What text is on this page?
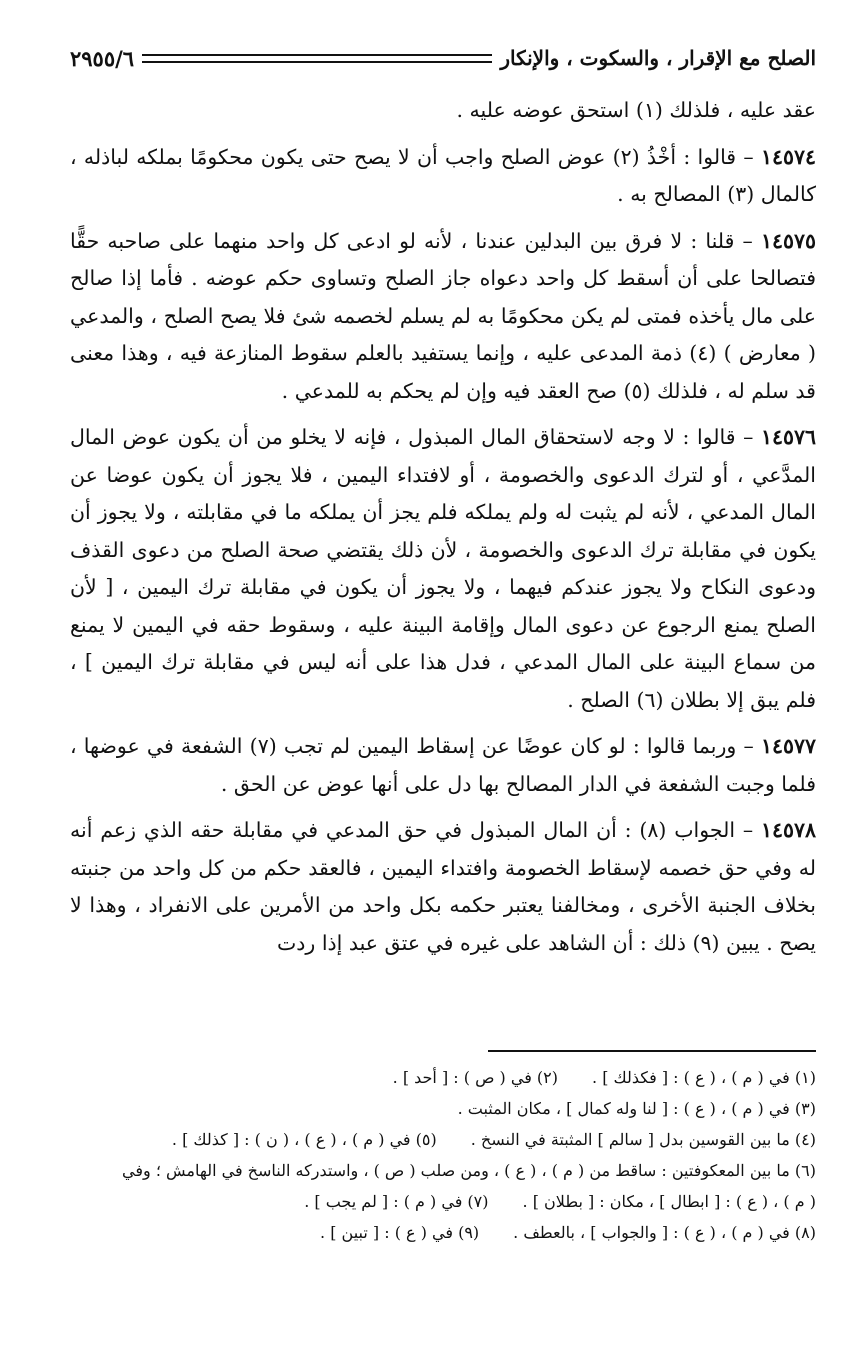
الصلح مع الإقرار ، والسكوت ، والإنكار
٢٩٥٥/٦

عقد عليه ، فلذلك (١) استحق عوضه عليه .

١٤٥٧٤ – قالوا : أخْذُ (٢) عوض الصلح واجب أن لا يصح حتى يكون محكومًا بملكه لباذله ، كالمال (٣) المصالح به .

١٤٥٧٥ – قلنا : لا فرق بين البدلين عندنا ، لأنه لو ادعى كل واحد منهما على صاحبه حقًّا فتصالحا على أن أسقط كل واحد دعواه جاز الصلح وتساوى حكم عوضه . فأما إذا صالح على مال يأخذه فمتى لم يكن محكومًا به لم يسلم لخصمه شئ فلا يصح الصلح ، والمدعي ( معارض ) (٤) ذمة المدعى عليه ، وإنما يستفيد بالعلم سقوط المنازعة فيه ، وهذا معنى قد سلم له ، فلذلك (٥) صح العقد فيه وإن لم يحكم به للمدعي .

١٤٥٧٦ – قالوا : لا وجه لاستحقاق المال المبذول ، فإنه لا يخلو من أن يكون عوض المال المدَّعي ، أو لترك الدعوى والخصومة ، أو لافتداء اليمين ، فلا يجوز أن يكون عوضا عن المال المدعي ، لأنه لم يثبت له ولم يملكه فلم يجز أن يملكه ما في مقابلته ، ولا يجوز أن يكون في مقابلة ترك الدعوى والخصومة ، لأن ذلك يقتضي صحة الصلح من دعوى القذف ودعوى النكاح ولا يجوز عندكم فيهما ، ولا يجوز أن يكون في مقابلة ترك اليمين ، [ لأن الصلح يمنع الرجوع عن دعوى المال وإقامة البينة عليه ، وسقوط حقه في اليمين لا يمنع من سماع البينة على المال المدعي ، فدل هذا على أنه ليس في مقابلة ترك اليمين ] ، فلم يبق إلا بطلان (٦) الصلح .

١٤٥٧٧ – وربما قالوا : لو كان عوضًا عن إسقاط اليمين لم تجب (٧) الشفعة في عوضها ، فلما وجبت الشفعة في الدار المصالح بها دل على أنها عوض عن الحق .

١٤٥٧٨ – الجواب (٨) : أن المال المبذول في حق المدعي في مقابلة حقه الذي زعم أنه له وفي حق خصمه لإسقاط الخصومة وافتداء اليمين ، فالعقد حكم من كل واحد من جنبته بخلاف الجنبة الأخرى ، ومخالفنا يعتبر حكمه بكل واحد من الأمرين على الانفراد ، وهذا لا يصح . يبين (٩) ذلك : أن الشاهد على غيره في عتق عبد إذا ردت

(١) في ( م ) ، ( ع ) : [ فكذلك ] .(٢) في ( ص ) : [ أحد ] .
(٣) في ( م ) ، ( ع ) : [ لنا وله كمال ] ، مكان المثبت .
(٤) ما بين القوسين بدل [ سالم ] المثبتة في النسخ .(٥) في ( م ) ، ( ع ) ، ( ن ) : [ كذلك ] .
(٦) ما بين المعكوفتين : ساقط من ( م ) ، ( ع ) ، ومن صلب ( ص ) ، واستدركه الناسخ في الهامش ؛ وفي
( م ) ، ( ع ) : [ ابطال ] ، مكان : [ بطلان ] .(٧) في ( م ) : [ لم يجب ] .
(٨) في ( م ) ، ( ع ) : [ والجواب ] ، بالعطف .(٩) في ( ع ) : [ تبين ] .
